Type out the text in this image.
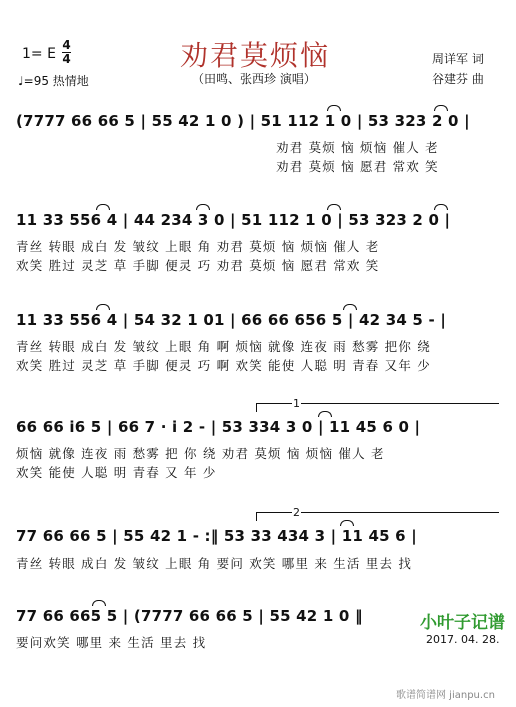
劝君莫烦恼
（田鸣、张西珍 演唱）
1= E
4
4
♩=95 热情地
周详军 词
谷建芬 曲
(7777 66 66 5 | 55 42 1 0 ) | 51 112 1 0 | 53 323 2 0 |
劝君 莫烦 恼 烦恼 催人 老
劝君 莫烦 恼 愿君 常欢 笑
11 33 556 4 | 44 234 3 0 | 51 112 1 0 | 53 323 2 0 |
青丝 转眼 成白 发 皱纹 上眼 角 劝君 莫烦 恼 烦恼 催人 老
欢笑 胜过 灵芝 草 手脚 便灵 巧 劝君 莫烦 恼 愿君 常欢 笑
11 33 556 4 | 54 32 1 01 | 66 66 656 5 | 42 34 5 - |
青丝 转眼 成白 发 皱纹 上眼 角 啊 烦恼 就像 连夜 雨 愁雾 把你 绕
欢笑 胜过 灵芝 草 手脚 便灵 巧 啊 欢笑 能使 人聪 明 青春 又年 少
1
66 66 i6 5 | 66 7 · i 2 - | 53 334 3 0 | 11 45 6 0 |
烦恼 就像 连夜 雨 愁雾 把 你 绕 劝君 莫烦 恼 烦恼 催人 老
欢笑 能使 人聪 明 青春 又 年 少
2
77 66 66 5 | 55 42 1 - :‖ 53 33 434 3 | 11 45 6 |
青丝 转眼 成白 发 皱纹 上眼 角 要问 欢笑 哪里 来 生活 里去 找
77 66 665 5 | (7777 66 66 5 | 55 42 1 0 ‖
要问欢笑 哪里 来 生活 里去 找
小叶子记谱
2017. 04. 28.
歌谱简谱网 jianpu.cn
